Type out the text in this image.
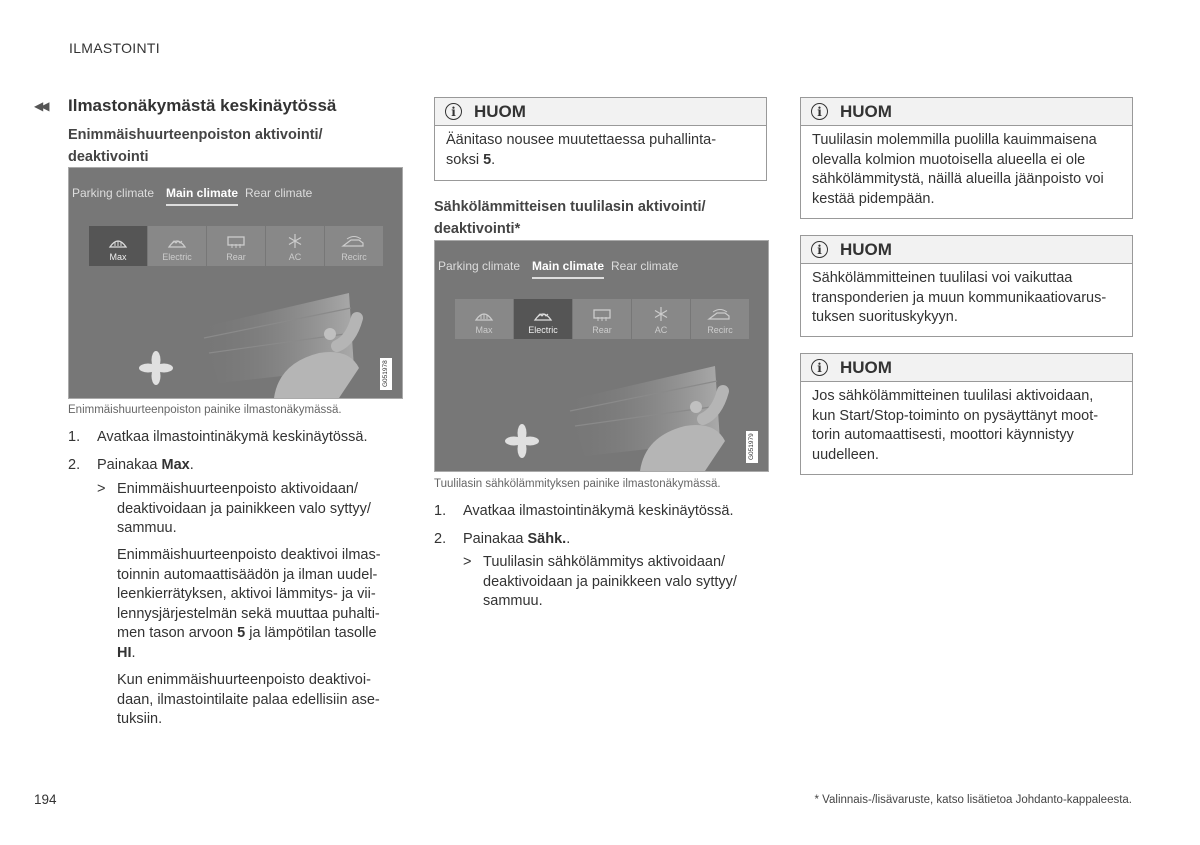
ILMASTOINTI
◀◀ Ilmastonäkymästä keskinäytössä
Enimmäishuurteenpoiston aktivointi/
deaktivointi
Parking climate Main climate Rear climate
Max	Electric	Rear	AC	Recirc
G051978
Enimmäishuurteenpoiston painike ilmastonäkymässä.
1.	Avatkaa ilmastointinäkymä keskinäytössä.
2.	Painakaa Max.
> Enimmäishuurteenpoisto aktivoidaan/
deaktivoidaan ja painikkeen valo syttyy/
sammuu.
Enimmäishuurteenpoisto deaktivoi ilmas-
toinnin automaattisäädön ja ilman uudel-
leenkierrätyksen, aktivoi lämmitys- ja vii-
lennysjärjestelmän sekä muuttaa puhalti-
men tason arvoon 5 ja lämpötilan tasolle
HI.
Kun enimmäishuurteenpoisto deaktivoi-
daan, ilmastointilaite palaa edellisiin ase-
tuksiin.
i	HUOM
Äänitaso nousee muutettaessa puhallinta-
soksi 5.
Sähkölämmitteisen tuulilasin aktivointi/
deaktivointi*
Parking climate Main climate Rear climate
Max	Electric	Rear	AC	Recirc
G051979
Tuulilasin sähkölämmityksen painike ilmastonäkymässä.
1.	Avatkaa ilmastointinäkymä keskinäytössä.
2.	Painakaa Sähk..
> Tuulilasin sähkölämmitys aktivoidaan/
deaktivoidaan ja painikkeen valo syttyy/
sammuu.
i	HUOM
Tuulilasin molemmilla puolilla kauimmaisena
olevalla kolmion muotoisella alueella ei ole
sähkölämmitystä, näillä alueilla jäänpoisto voi
kestää pidempään.
i	HUOM
Sähkölämmitteinen tuulilasi voi vaikuttaa
transponderien ja muun kommunikaatiovarus-
tuksen suorituskykyyn.
i	HUOM
Jos sähkölämmitteinen tuulilasi aktivoidaan,
kun Start/Stop-toiminto on pysäyttänyt moot-
torin automaattisesti, moottori käynnistyy
uudelleen.
194	* Valinnais-/lisävaruste, katso lisätietoa Johdanto-kappaleesta.
